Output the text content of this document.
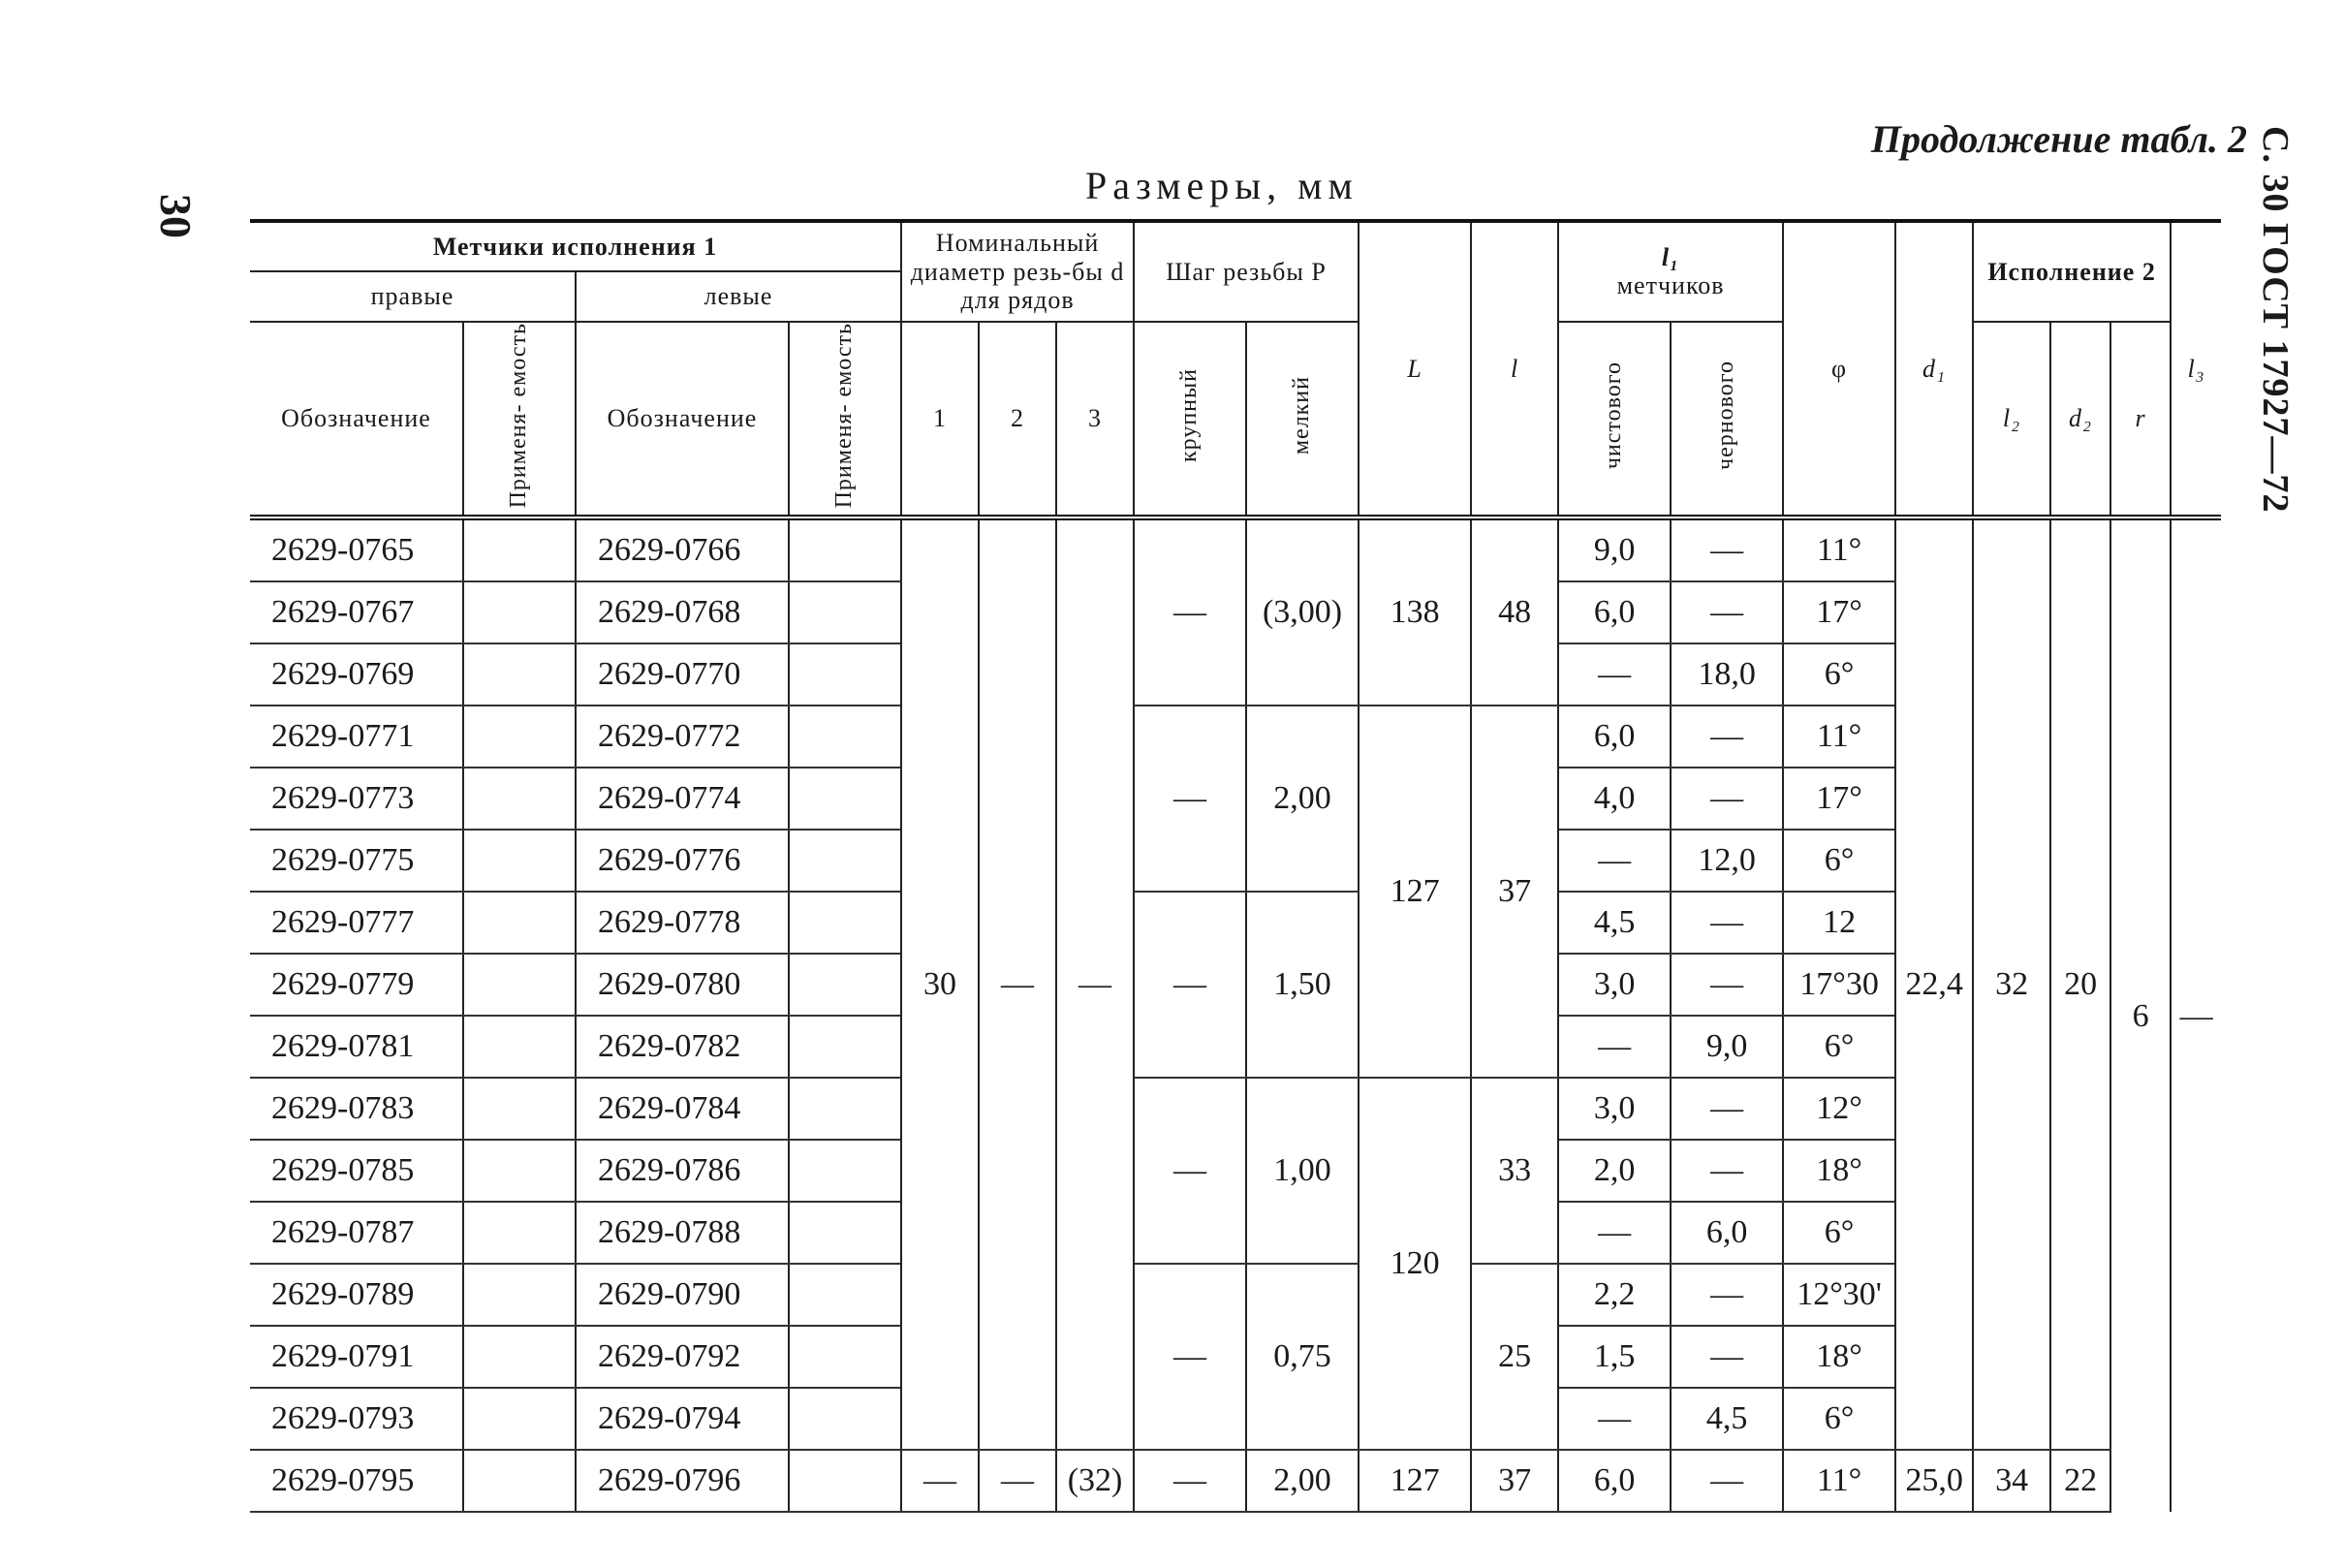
30	С. 30 ГОСТ 17927—72
Продолжение табл. 2
Размеры, мм
Метчики исполнения 1				Номинальный диаметр резь-бы d для рядов			Шаг резьбы P		L	l	l₁
метчиков		φ	d₁	Исполнение 2			l₃
правые		левые																
Обозначение	Применя- емость	Обозначение	Применя- емость	1	2	3	крупный	мелкий			чистового	чернового			l₂	d₂	r	

2629-0765		2629-0766		30	—	—	—	(3,00)	138	48	9,0	—	11°	22,4	32	20	6	—
2629-0767		2629-0768									6,0	—	17°					
2629-0769		2629-0770									—	18,0	6°					
2629-0771		2629-0772					—	2,00	127	37	6,0	—	11°					
2629-0773		2629-0774									4,0	—	17°					
2629-0775		2629-0776									—	12,0	6°					
2629-0777		2629-0778					—	1,50			4,5	—	12					
2629-0779		2629-0780									3,0	—	17°30					
2629-0781		2629-0782									—	9,0	6°					
2629-0783		2629-0784					—	1,00	120	33	3,0	—	12°					
2629-0785		2629-0786									2,0	—	18°					
2629-0787		2629-0788									—	6,0	6°					
2629-0789		2629-0790					—	0,75		25	2,2	—	12°30'					
2629-0791		2629-0792									1,5	—	18°					
2629-0793		2629-0794									—	4,5	6°					
2629-0795		2629-0796		—	—	(32)	—	2,00	127	37	6,0	—	11°	25,0	34	22		
